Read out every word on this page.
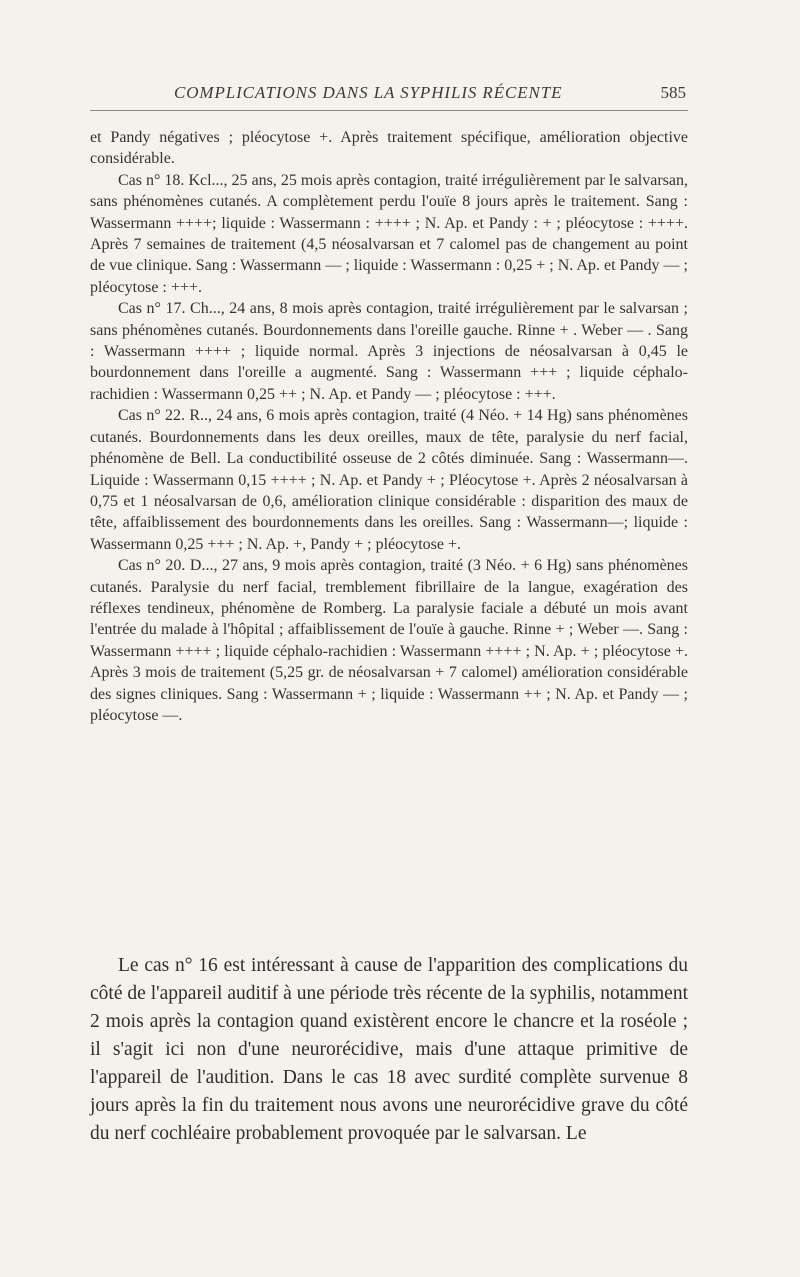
COMPLICATIONS DANS LA SYPHILIS RÉCENTE	585

et Pandy négatives ; pléocytose +. Après traitement spécifique, amélioration objective considérable.

Cas n° 18. Kcl..., 25 ans, 25 mois après contagion, traité irrégulièrement par le salvarsan, sans phénomènes cutanés. A complètement perdu l'ouïe 8 jours après le traitement. Sang : Wassermann ++++; liquide : Wassermann : ++++ ; N. Ap. et Pandy : + ; pléocytose : ++++. Après 7 semaines de traitement (4,5 néosalvarsan et 7 calomel pas de changement au point de vue clinique. Sang : Wassermann — ; liquide : Wassermann : 0,25 + ; N. Ap. et Pandy — ; pléocytose : +++.

Cas n° 17. Ch..., 24 ans, 8 mois après contagion, traité irrégulièrement par le salvarsan ; sans phénomènes cutanés. Bourdonnements dans l'oreille gauche. Rinne + . Weber — . Sang : Wassermann ++++ ; liquide normal. Après 3 injections de néosalvarsan à 0,45 le bourdonnement dans l'oreille a augmenté. Sang : Wassermann +++ ; liquide céphalo-rachidien : Wassermann 0,25 ++ ; N. Ap. et Pandy — ; pléocytose : +++.

Cas n° 22. R.., 24 ans, 6 mois après contagion, traité (4 Néo. + 14 Hg) sans phénomènes cutanés. Bourdonnements dans les deux oreilles, maux de tête, paralysie du nerf facial, phénomène de Bell. La conductibilité osseuse de 2 côtés diminuée. Sang : Wassermann—. Liquide : Wassermann 0,15 ++++ ; N. Ap. et Pandy + ; Pléocytose +. Après 2 néosalvarsan à 0,75 et 1 néosalvarsan de 0,6, amélioration clinique considérable : disparition des maux de tête, affaiblissement des bourdonnements dans les oreilles. Sang : Wassermann—; liquide : Wassermann 0,25 +++ ; N. Ap. +, Pandy + ; pléocytose +.

Cas n° 20. D..., 27 ans, 9 mois après contagion, traité (3 Néo. + 6 Hg) sans phénomènes cutanés. Paralysie du nerf facial, tremblement fibrillaire de la langue, exagération des réflexes tendineux, phénomène de Romberg. La paralysie faciale a débuté un mois avant l'entrée du malade à l'hôpital ; affaiblissement de l'ouïe à gauche. Rinne + ; Weber —. Sang : Wassermann ++++ ; liquide céphalo-rachidien : Wassermann ++++ ; N. Ap. + ; pléocytose +. Après 3 mois de traitement (5,25 gr. de néosalvarsan + 7 calomel) amélioration considérable des signes cliniques. Sang : Wassermann + ; liquide : Wassermann ++ ; N. Ap. et Pandy — ; pléocytose —.

Le cas n° 16 est intéressant à cause de l'apparition des complications du côté de l'appareil auditif à une période très récente de la syphilis, notamment 2 mois après la contagion quand existèrent encore le chancre et la roséole ; il s'agit ici non d'une neurorécidive, mais d'une attaque primitive de l'appareil de l'audition. Dans le cas 18 avec surdité complète survenue 8 jours après la fin du traitement nous avons une neurorécidive grave du côté du nerf cochléaire probablement provoquée par le salvarsan. Le
